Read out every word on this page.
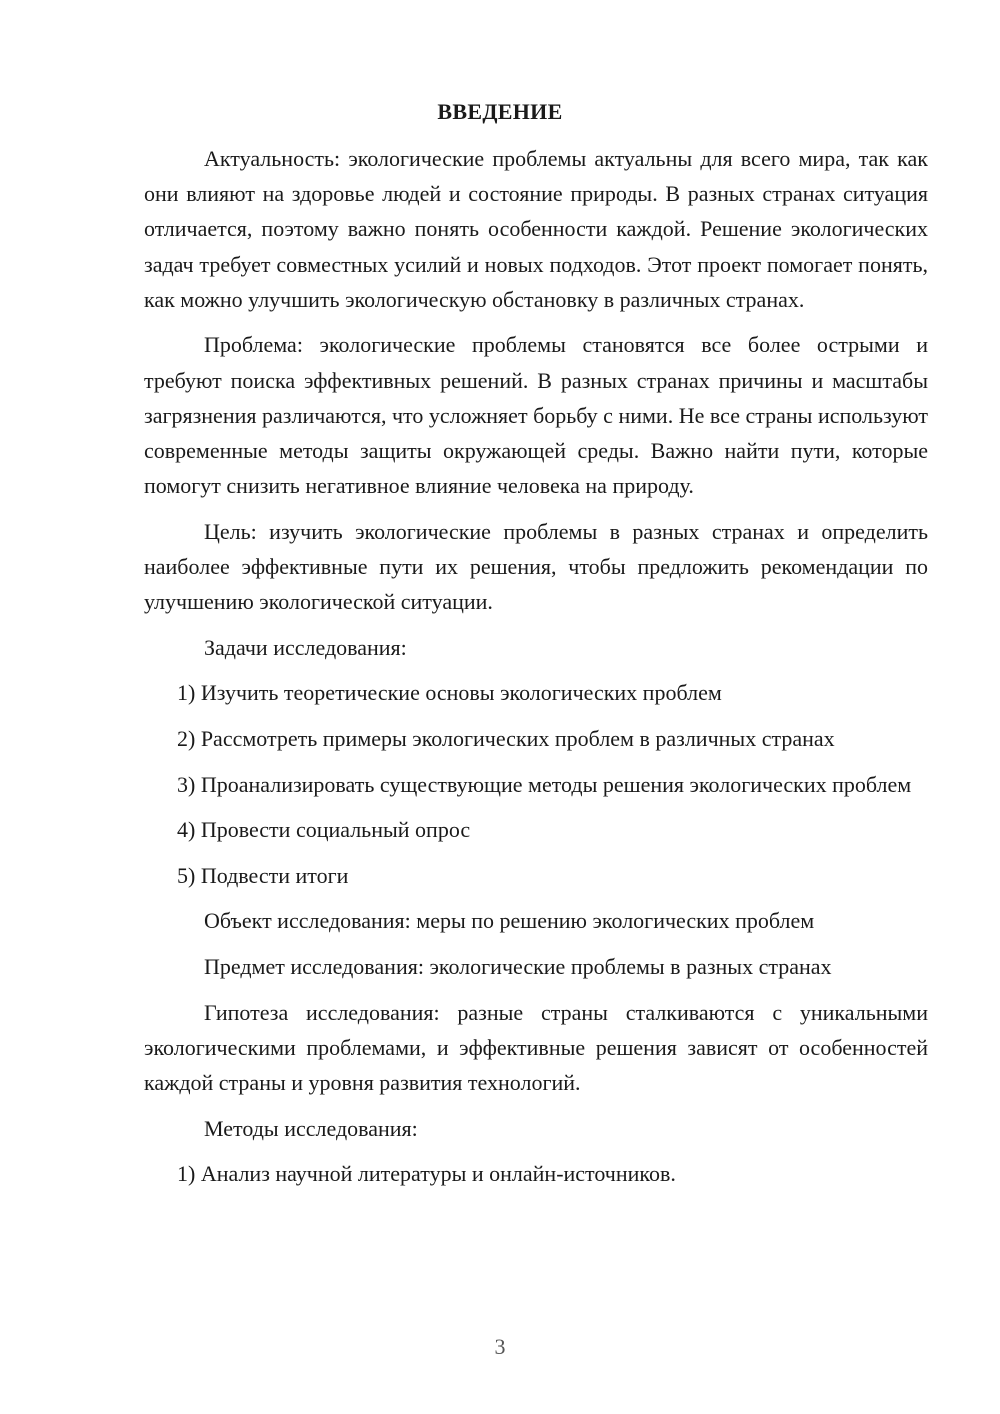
ВВЕДЕНИЕ

Актуальность: экологические проблемы актуальны для всего мира, так как они влияют на здоровье людей и состояние природы. В разных странах ситуация отличается, поэтому важно понять особенности каждой. Решение экологических задач требует совместных усилий и новых подходов. Этот проект помогает понять, как можно улучшить экологическую обстановку в различных странах.

Проблема: экологические проблемы становятся все более острыми и требуют поиска эффективных решений. В разных странах причины и масштабы загрязнения различаются, что усложняет борьбу с ними. Не все страны используют современные методы защиты окружающей среды. Важно найти пути, которые помогут снизить негативное влияние человека на природу.

Цель: изучить экологические проблемы в разных странах и определить наиболее эффективные пути их решения, чтобы предложить рекомендации по улучшению экологической ситуации.

Задачи исследования:

1) Изучить теоретические основы экологических проблем

2) Рассмотреть примеры экологических проблем в различных странах

3) Проанализировать существующие методы решения экологических проблем

4) Провести социальный опрос

5) Подвести итоги

Объект исследования: меры по решению экологических проблем

Предмет исследования: экологические проблемы в разных странах

Гипотеза исследования: разные страны сталкиваются с уникальными экологическими проблемами, и эффективные решения зависят от особенностей каждой страны и уровня развития технологий.

Методы исследования:

1) Анализ научной литературы и онлайн-источников.

3
